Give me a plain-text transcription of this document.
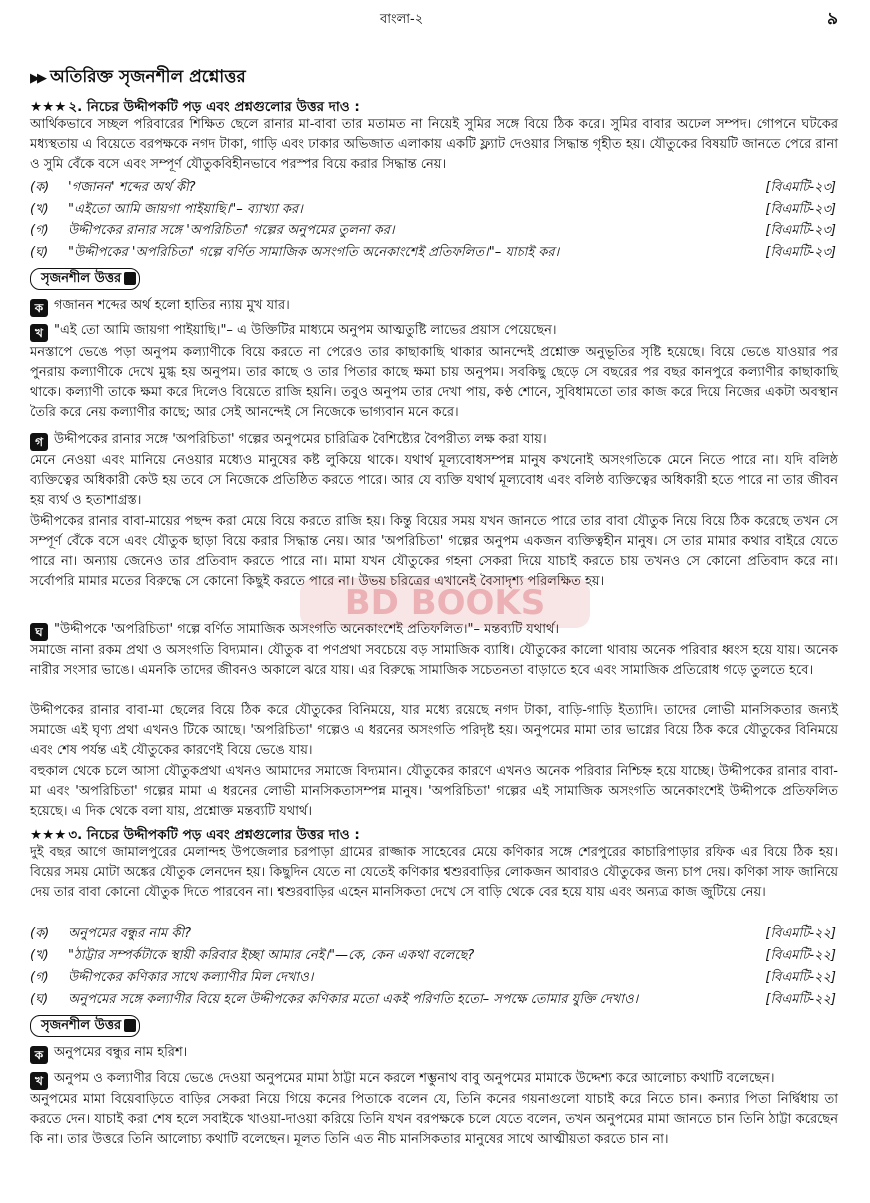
বাংলা-২	৯
▶▶ অতিরিক্ত সৃজনশীল প্রশ্নোত্তর
★★★ ২. নিচের উদ্দীপকটি পড় এবং প্রশ্নগুলোর উত্তর দাও :

আর্থিকভাবে সচ্ছল পরিবারের শিক্ষিত ছেলে রানার মা-বাবা তার মতামত না নিয়েই সুমির সঙ্গে বিয়ে ঠিক করে। সুমির বাবার অঢেল সম্পদ। গোপনে ঘটকের মধ্যস্থতায় এ বিয়েতে বরপক্ষকে নগদ টাকা, গাড়ি এবং ঢাকার অভিজাত এলাকায় একটি ফ্ল্যাট দেওয়ার সিদ্ধান্ত গৃহীত হয়। যৌতুকের বিষয়টি জানতে পেরে রানা ও সুমি বেঁকে বসে এবং সম্পূর্ণ যৌতুকবিহীনভাবে পরস্পর বিয়ে করার সিদ্ধান্ত নেয়।

(ক) 'গজানন' শব্দের অর্থ কী?	[বিএমটি-২৩]
(খ) "এইতো আমি জায়গা পাইয়াছি।"– ব্যাখ্যা কর।	[বিএমটি-২৩]
(গ) উদ্দীপকের রানার সঙ্গে 'অপরিচিতা' গল্পের অনুপমের তুলনা কর।	[বিএমটি-২৩]
(ঘ) "উদ্দীপকের 'অপরিচিতা' গল্পে বর্ণিত সামাজিক অসংগতি অনেকাংশেই প্রতিফলিত।"– যাচাই কর।	[বিএমটি-২৩]
সৃজনশীল উত্তর

ক গজানন শব্দের অর্থ হলো হাতির ন্যায় মুখ যার।

খ "এই তো আমি জায়গা পাইয়াছি।"– এ উক্তিটির মাধ্যমে অনুপম আত্মতুষ্টি লাভের প্রয়াস পেয়েছেন।

মনস্তাপে ভেঙে পড়া অনুপম কল্যাণীকে বিয়ে করতে না পেরেও তার কাছাকাছি থাকার আনন্দেই প্রশ্নোক্ত অনুভূতির সৃষ্টি হয়েছে। বিয়ে ভেঙে যাওয়ার পর পুনরায় কল্যাণীকে দেখে মুগ্ধ হয় অনুপম। তার কাছে ও তার পিতার কাছে ক্ষমা চায় অনুপম। সবকিছু ছেড়ে সে বছরের পর বছর কানপুরে কল্যাণীর কাছাকাছি থাকে। কল্যাণী তাকে ক্ষমা করে দিলেও বিয়েতে রাজি হয়নি। তবুও অনুপম তার দেখা পায়, কণ্ঠ শোনে, সুবিধামতো তার কাজ করে দিয়ে নিজের একটা অবস্থান তৈরি করে নেয় কল্যাণীর কাছে; আর সেই আনন্দেই সে নিজেকে ভাগ্যবান মনে করে।

গ উদ্দীপকের রানার সঙ্গে 'অপরিচিতা' গল্পের অনুপমের চারিত্রিক বৈশিষ্ট্যের বৈপরীত্য লক্ষ করা যায়।

মেনে নেওয়া এবং মানিয়ে নেওয়ার মধ্যেও মানুষের কষ্ট লুকিয়ে থাকে। যথার্থ মূল্যবোধসম্পন্ন মানুষ কখনোই অসংগতিকে মেনে নিতে পারে না। যদি বলিষ্ঠ ব্যক্তিত্বের অধিকারী কেউ হয় তবে সে নিজেকে প্রতিষ্ঠিত করতে পারে। আর যে ব্যক্তি যথার্থ মূল্যবোধ এবং বলিষ্ঠ ব্যক্তিত্বের অধিকারী হতে পারে না তার জীবন হয় ব্যর্থ ও হতাশাগ্রস্ত।

উদ্দীপকের রানার বাবা-মায়ের পছন্দ করা মেয়ে বিয়ে করতে রাজি হয়। কিন্তু বিয়ের সময় যখন জানতে পারে তার বাবা যৌতুক নিয়ে বিয়ে ঠিক করেছে তখন সে সম্পূর্ণ বেঁকে বসে এবং যৌতুক ছাড়া বিয়ে করার সিদ্ধান্ত নেয়। আর 'অপরিচিতা' গল্পের অনুপম একজন ব্যক্তিত্বহীন মানুষ। সে তার মামার কথার বাইরে যেতে পারে না। অন্যায় জেনেও তার প্রতিবাদ করতে পারে না। মামা যখন যৌতুকের গহনা সেকরা দিয়ে যাচাই করতে চায় তখনও সে কোনো প্রতিবাদ করে না। সর্বোপরি মামার মতের বিরুদ্ধে সে কোনো কিছুই করতে পারে না। উভয় চরিত্রের এখানেই বৈসাদৃশ্য পরিলক্ষিত হয়।

ঘ "উদ্দীপকে 'অপরিচিতা' গল্পে বর্ণিত সামাজিক অসংগতি অনেকাংশেই প্রতিফলিত।"– মন্তব্যটি যথার্থ।

সমাজে নানা রকম প্রথা ও অসংগতি বিদ্যমান। যৌতুক বা পণপ্রথা সবচেয়ে বড় সামাজিক ব্যাধি। যৌতুকের কালো থাবায় অনেক পরিবার ধ্বংস হয়ে যায়। অনেক নারীর সংসার ভাঙে। এমনকি তাদের জীবনও অকালে ঝরে যায়। এর বিরুদ্ধে সামাজিক সচেতনতা বাড়াতে হবে এবং সামাজিক প্রতিরোধ গড়ে তুলতে হবে।

উদ্দীপকের রানার বাবা-মা ছেলের বিয়ে ঠিক করে যৌতুকের বিনিময়ে, যার মধ্যে রয়েছে নগদ টাকা, বাড়ি-গাড়ি ইত্যাদি। তাদের লোভী মানসিকতার জন্যই সমাজে এই ঘৃণ্য প্রথা এখনও টিকে আছে। 'অপরিচিতা' গল্পেও এ ধরনের অসংগতি পরিদৃষ্ট হয়। অনুপমের মামা তার ভাগ্নের বিয়ে ঠিক করে যৌতুকের বিনিময়ে এবং শেষ পর্যন্ত এই যৌতুকের কারণেই বিয়ে ভেঙে যায়।

বহুকাল থেকে চলে আসা যৌতুকপ্রথা এখনও আমাদের সমাজে বিদ্যমান। যৌতুকের কারণে এখনও অনেক পরিবার নিশ্চিহ্ন হয়ে যাচ্ছে। উদ্দীপকের রানার বাবা-মা এবং 'অপরিচিতা' গল্পের মামা এ ধরনের লোভী মানসিকতাসম্পন্ন মানুষ। 'অপরিচিতা' গল্পের এই সামাজিক অসংগতি অনেকাংশেই উদ্দীপকে প্রতিফলিত হয়েছে। এ দিক থেকে বলা যায়, প্রশ্নোক্ত মন্তব্যটি যথার্থ।

★★★ ৩. নিচের উদ্দীপকটি পড় এবং প্রশ্নগুলোর উত্তর দাও :

দুই বছর আগে জামালপুরের মেলান্দহ উপজেলার চরপাড়া গ্রামের রাজ্জাক সাহেবের মেয়ে কণিকার সঙ্গে শেরপুরের কাচারিপাড়ার রফিক এর বিয়ে ঠিক হয়। বিয়ের সময় মোটা অঙ্কের যৌতুক লেনদেন হয়। কিছুদিন যেতে না যেতেই কণিকার শ্বশুরবাড়ির লোকজন আবারও যৌতুকের জন্য চাপ দেয়। কণিকা সাফ জানিয়ে দেয় তার বাবা কোনো যৌতুক দিতে পারবেন না। শ্বশুরবাড়ির এহেন মানসিকতা দেখে সে বাড়ি থেকে বের হয়ে যায় এবং অন্যত্র কাজ জুটিয়ে নেয়।

(ক) অনুপমের বন্ধুর নাম কী?	[বিএমটি-২২]
(খ) "ঠাট্টার সম্পর্কটাকে স্থায়ী করিবার ইচ্ছা আমার নেই।"—কে, কেন একথা বলেছে?	[বিএমটি-২২]
(গ) উদ্দীপকের কণিকার সাথে কল্যাণীর মিল দেখাও।	[বিএমটি-২২]
(ঘ) অনুপমের সঙ্গে কল্যাণীর বিয়ে হলে উদ্দীপকের কণিকার মতো একই পরিণতি হতো– সপক্ষে তোমার যুক্তি দেখাও।	[বিএমটি-২২]
সৃজনশীল উত্তর

ক অনুপমের বন্ধুর নাম হরিশ।

খ অনুপম ও কল্যাণীর বিয়ে ভেঙে দেওয়া অনুপমের মামা ঠাট্টা মনে করলে শম্ভুনাথ বাবু অনুপমের মামাকে উদ্দেশ্য করে আলোচ্য কথাটি বলেছেন।

অনুপমের মামা বিয়েবাড়িতে বাড়ির সেকরা নিয়ে গিয়ে কনের পিতাকে বলেন যে, তিনি কনের গয়নাগুলো যাচাই করে নিতে চান। কন্যার পিতা নির্দ্বিধায় তা করতে দেন। যাচাই করা শেষ হলে সবাইকে খাওয়া-দাওয়া করিয়ে তিনি যখন বরপক্ষকে চলে যেতে বলেন, তখন অনুপমের মামা জানতে চান তিনি ঠাট্টা করেছেন কি না। তার উত্তরে তিনি আলোচ্য কথাটি বলেছেন। মূলত তিনি এত নীচ মানসিকতার মানুষের সাথে আত্মীয়তা করতে চান না।

BD BOOKS
